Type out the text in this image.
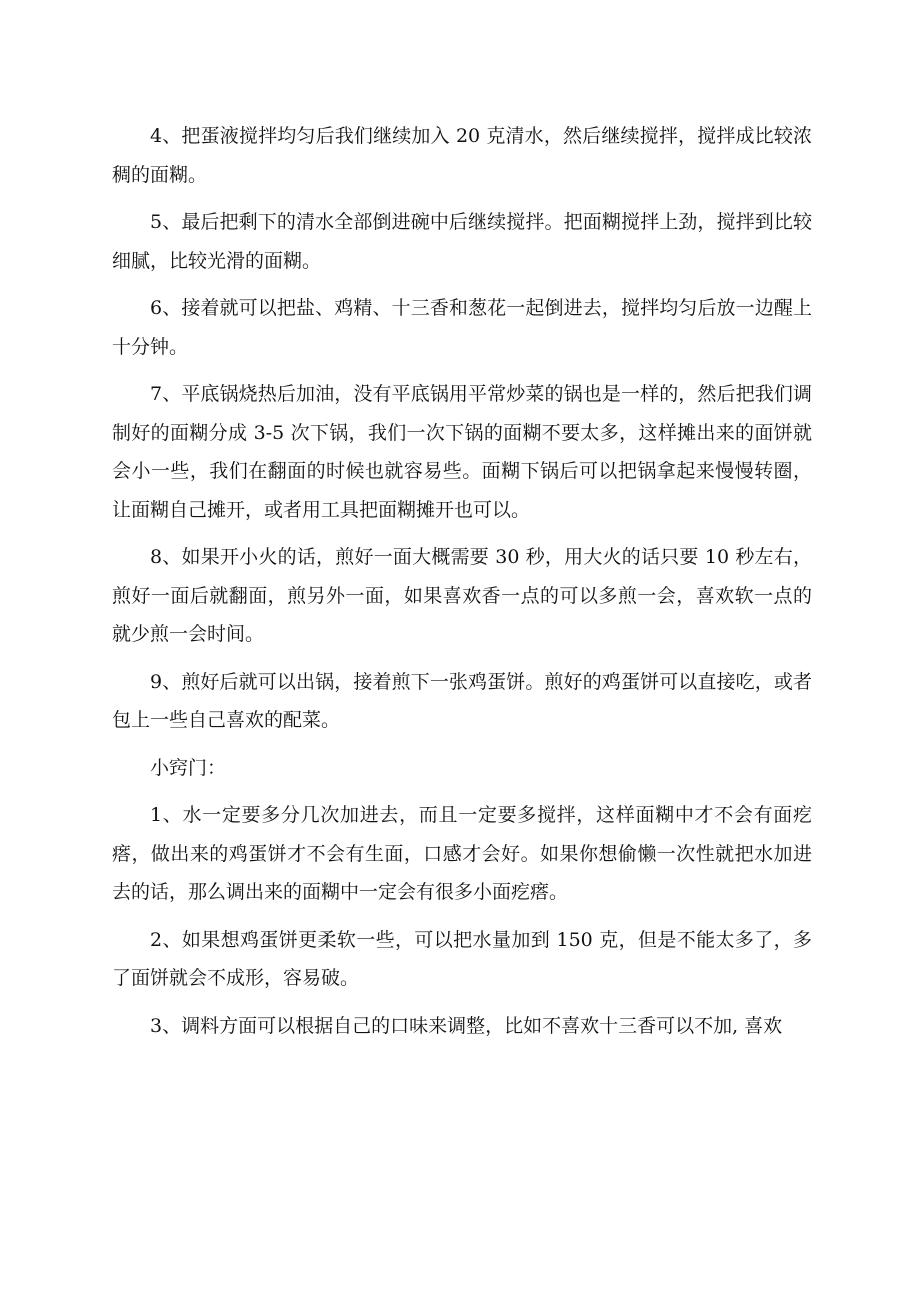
4、把蛋液搅拌均匀后我们继续加入 20 克清水，然后继续搅拌，搅拌成比较浓稠的面糊。

5、最后把剩下的清水全部倒进碗中后继续搅拌。把面糊搅拌上劲，搅拌到比较细腻，比较光滑的面糊。

6、接着就可以把盐、鸡精、十三香和葱花一起倒进去，搅拌均匀后放一边醒上十分钟。

7、平底锅烧热后加油，没有平底锅用平常炒菜的锅也是一样的，然后把我们调制好的面糊分成 3-5 次下锅，我们一次下锅的面糊不要太多，这样摊出来的面饼就会小一些，我们在翻面的时候也就容易些。面糊下锅后可以把锅拿起来慢慢转圈，让面糊自己摊开，或者用工具把面糊摊开也可以。

8、如果开小火的话，煎好一面大概需要 30 秒，用大火的话只要 10 秒左右，煎好一面后就翻面，煎另外一面，如果喜欢香一点的可以多煎一会，喜欢软一点的就少煎一会时间。

9、煎好后就可以出锅，接着煎下一张鸡蛋饼。煎好的鸡蛋饼可以直接吃，或者包上一些自己喜欢的配菜。

小窍门：

1、水一定要多分几次加进去，而且一定要多搅拌，这样面糊中才不会有面疙瘩，做出来的鸡蛋饼才不会有生面，口感才会好。如果你想偷懒一次性就把水加进去的话，那么调出来的面糊中一定会有很多小面疙瘩。

2、如果想鸡蛋饼更柔软一些，可以把水量加到 150 克，但是不能太多了，多了面饼就会不成形，容易破。

3、调料方面可以根据自己的口味来调整，比如不喜欢十三香可以不加, 喜欢
